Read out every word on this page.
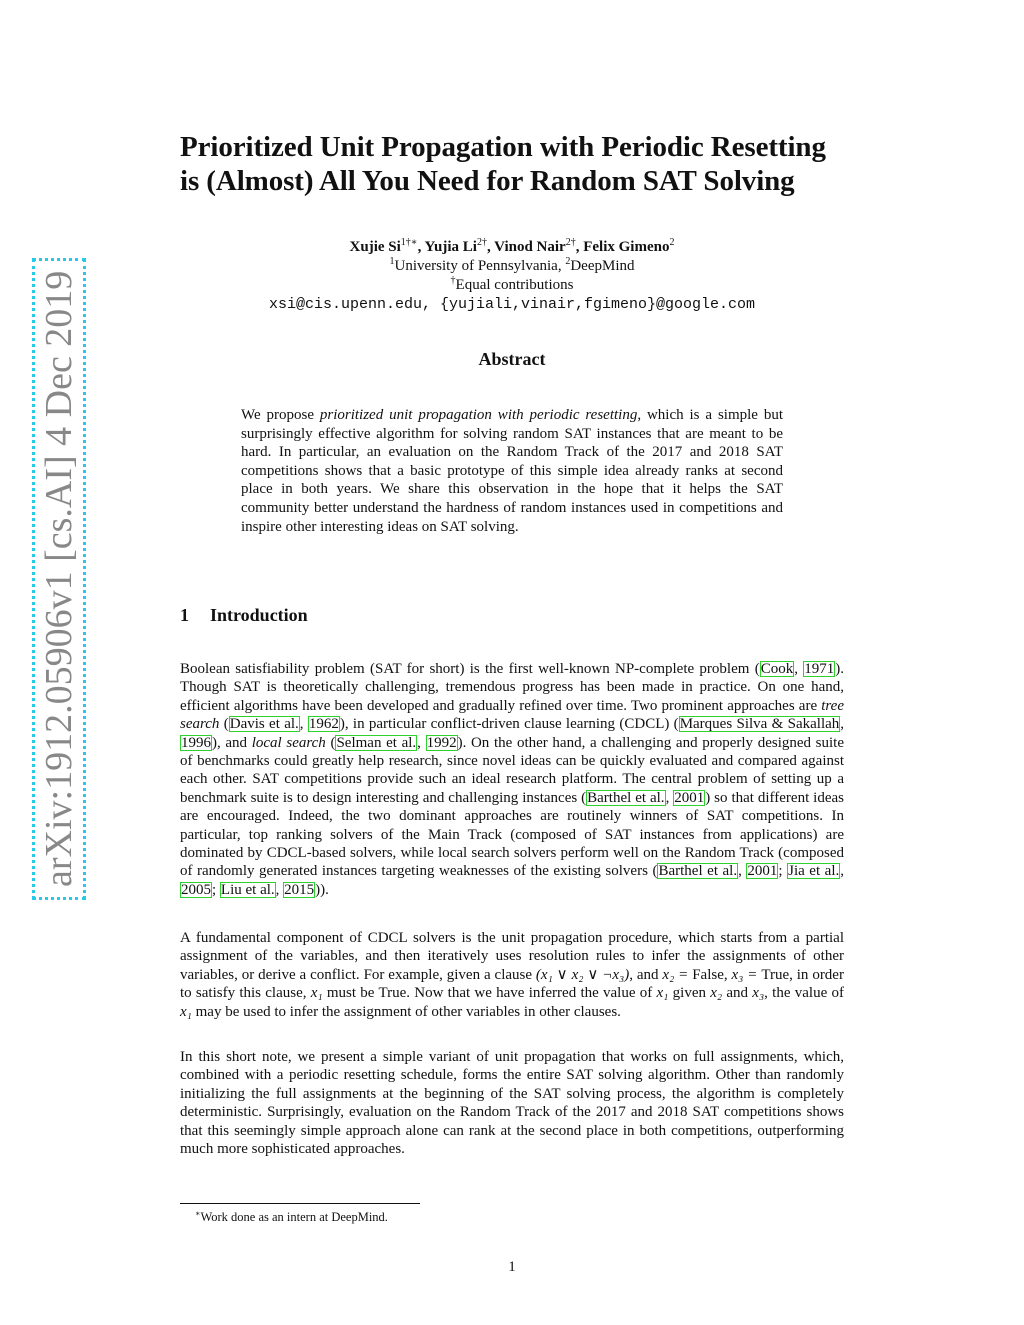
arXiv:1912.05906v1 [cs.AI] 4 Dec 2019
Prioritized Unit Propagation with Periodic Resetting
is (Almost) All You Need for Random SAT Solving
Xujie $Si^{1\dagger∗}$, Yujia $Li^{2\dagger}$, Vinod Nair$^{2\dagger}$, Felix Gimeno$^2$
$^1$University of Pennsylvania, $^2$DeepMind
†Equal contributions
xsi@cis.upenn.edu, {yujiali,vinair,fgimeno}@google.com
Abstract
We propose prioritized unit propagation with periodic resetting, which is a simple but surprisingly effective algorithm for solving random SAT instances that are meant to be hard. In particular, an evaluation on the Random Track of the 2017 and 2018 SAT competitions shows that a basic prototype of this simple idea already ranks at second place in both years. We share this observation in the hope that it helps the SAT community better understand the hardness of random instances used in competitions and inspire other interesting ideas on SAT solving.
1 Introduction
Boolean satisfiability problem (SAT for short) is the first well-known NP-complete problem (Cook, 1971). Though SAT is theoretically challenging, tremendous progress has been made in practice. On one hand, efficient algorithms have been developed and gradually refined over time. Two prominent approaches are tree search (Davis et al., 1962), in particular conflict-driven clause learning (CDCL) (Marques Silva & Sakallah, 1996), and local search (Selman et al., 1992). On the other hand, a challenging and properly designed suite of benchmarks could greatly help research, since novel ideas can be quickly evaluated and compared against each other. SAT competitions provide such an ideal research platform. The central problem of setting up a benchmark suite is to design interesting and challenging instances (Barthel et al., 2001) so that different ideas are encouraged. Indeed, the two dominant approaches are routinely winners of SAT competitions. In particular, top ranking solvers of the Main Track (composed of SAT instances from applications) are dominated by CDCL-based solvers, while local search solvers perform well on the Random Track (composed of randomly generated instances targeting weaknesses of the existing solvers (Barthel et al., 2001; Jia et al., 2005; Liu et al., 2015)).
A fundamental component of CDCL solvers is the unit propagation procedure, which starts from a partial assignment of the variables, and then iteratively uses resolution rules to infer the assignments of other variables, or derive a conflict. For example, given a clause (x₁ ∨ x₂ ∨ ¬x₃), and x₂ = False, x₃ = True, in order to satisfy this clause, x₁ must be True. Now that we have inferred the value of x₁ given x₂ and x₃, the value of x₁ may be used to infer the assignment of other variables in other clauses.
In this short note, we present a simple variant of unit propagation that works on full assignments, which, combined with a periodic resetting schedule, forms the entire SAT solving algorithm. Other than randomly initializing the full assignments at the beginning of the SAT solving process, the algorithm is completely deterministic. Surprisingly, evaluation on the Random Track of the 2017 and 2018 SAT competitions shows that this seemingly simple approach alone can rank at the second place in both competitions, outperforming much more sophisticated approaches.
∗Work done as an intern at DeepMind.
1
